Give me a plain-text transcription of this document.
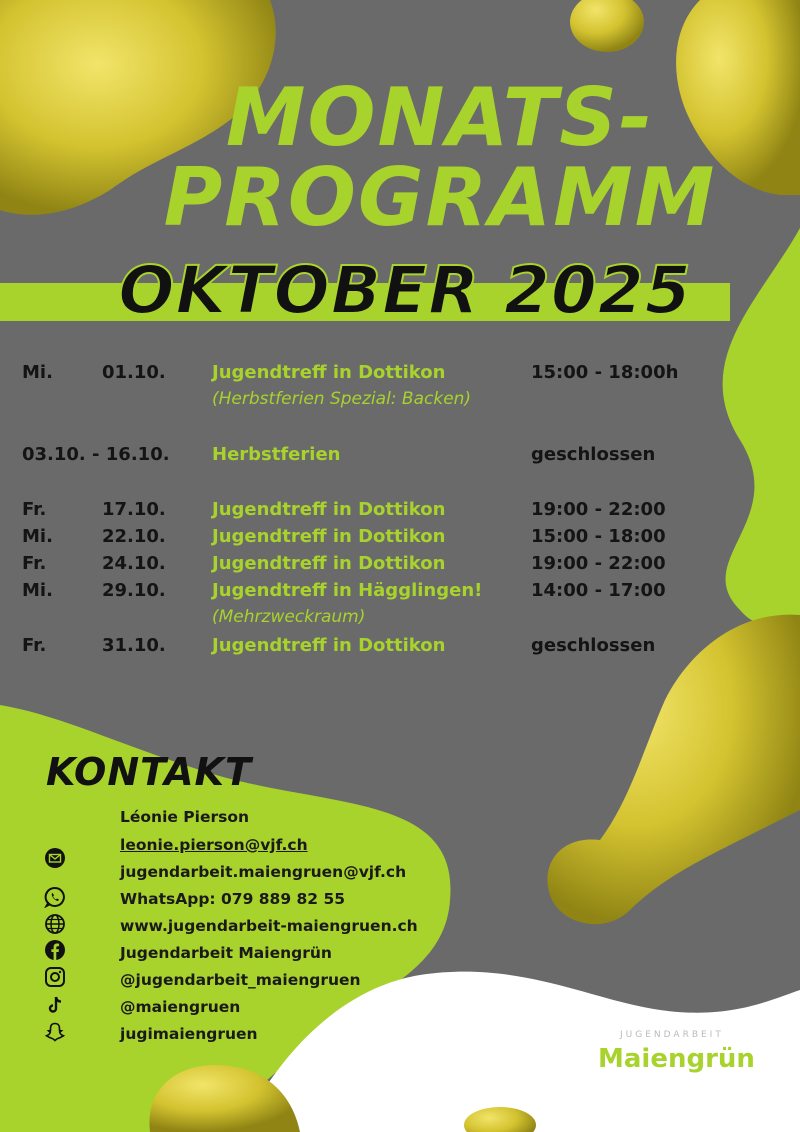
MONATS-
PROGRAMM
OKTOBER 2025
Mi.	01.10.	Jugendtreff in Dottikon	15:00 - 18:00h
(Herbstferien Spezial: Backen)
03.10. - 16.10. Herbstferien	geschlossen
Fr.	17.10.	Jugendtreff in Dottikon	19:00 - 22:00
Mi.	22.10.	Jugendtreff in Dottikon	15:00 - 18:00
Fr.	24.10.	Jugendtreff in Dottikon	19:00 - 22:00
Mi.	29.10.	Jugendtreff in Hägglingen!	14:00 - 17:00
(Mehrzweckraum)
Fr.	31.10.	Jugendtreff in Dottikon	geschlossen
KONTAKT
Léonie Pierson
leonie.pierson@vjf.ch
jugendarbeit.maiengruen@vjf.ch
WhatsApp: 079 889 82 55
www.jugendarbeit-maiengruen.ch
Jugendarbeit Maiengrün
@jugendarbeit_maiengruen
@maiengruen
jugimaiengruen	JUGENDARBEIT
Maiengrün
